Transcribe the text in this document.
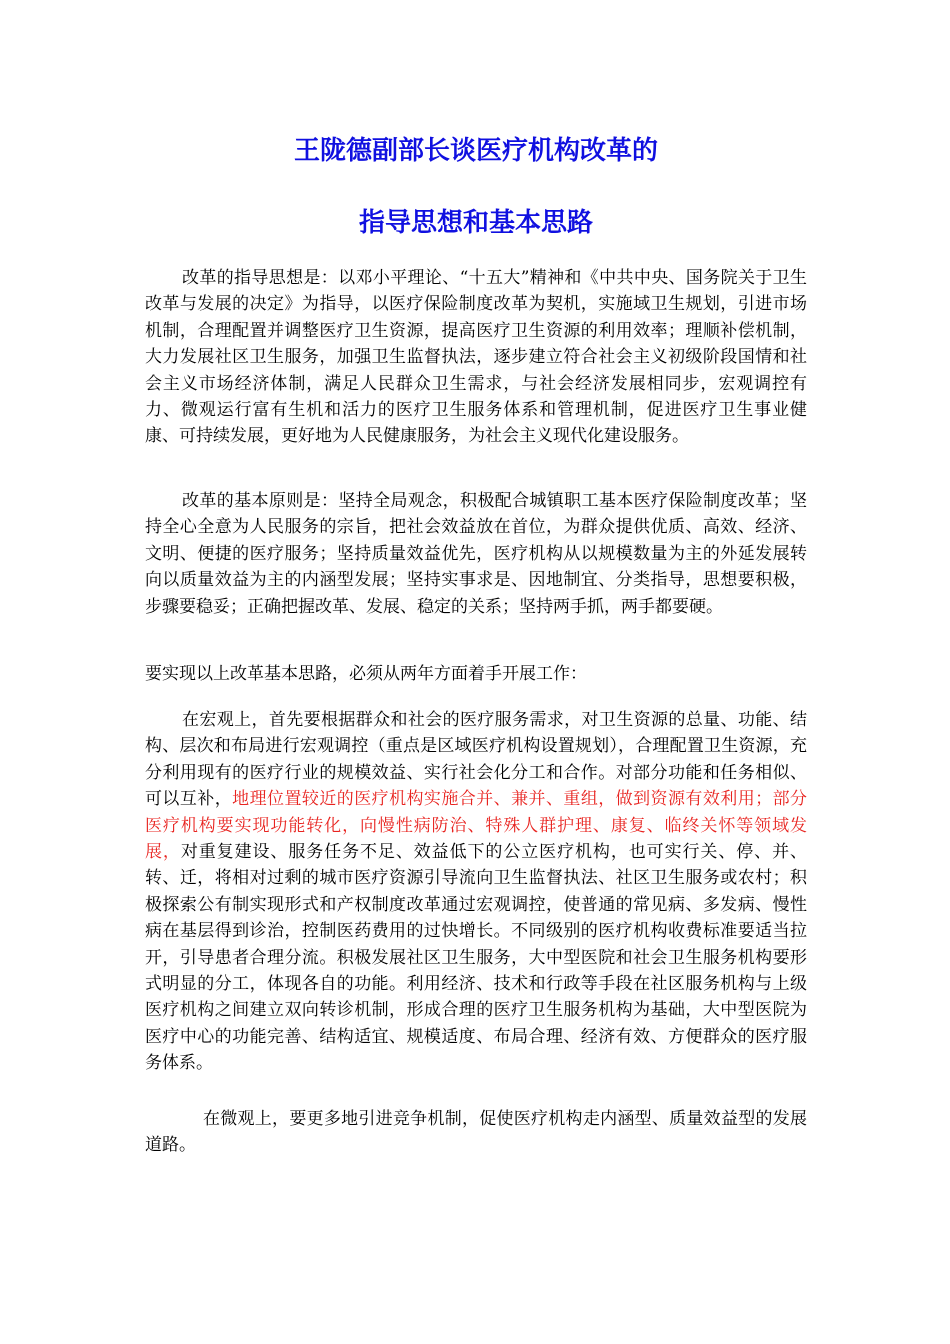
王陇德副部长谈医疗机构改革的
指导思想和基本思路

改革的指导思想是：以邓小平理论、“十五大”精神和《中共中央、国务院关于卫生改革与发展的决定》为指导，以医疗保险制度改革为契机，实施域卫生规划，引进市场机制，合理配置并调整医疗卫生资源，提高医疗卫生资源的利用效率；理顺补偿机制，大力发展社区卫生服务，加强卫生监督执法，逐步建立符合社会主义初级阶段国情和社会主义市场经济体制，满足人民群众卫生需求，与社会经济发展相同步，宏观调控有力、微观运行富有生机和活力的医疗卫生服务体系和管理机制，促进医疗卫生事业健康、可持续发展，更好地为人民健康服务，为社会主义现代化建设服务。

改革的基本原则是：坚持全局观念，积极配合城镇职工基本医疗保险制度改革；坚持全心全意为人民服务的宗旨，把社会效益放在首位，为群众提供优质、高效、经济、文明、便捷的医疗服务；坚持质量效益优先，医疗机构从以规模数量为主的外延发展转向以质量效益为主的内涵型发展；坚持实事求是、因地制宜、分类指导，思想要积极，步骤要稳妥；正确把握改革、发展、稳定的关系；坚持两手抓，两手都要硬。

要实现以上改革基本思路，必须从两年方面着手开展工作：

在宏观上，首先要根据群众和社会的医疗服务需求，对卫生资源的总量、功能、结构、层次和布局进行宏观调控（重点是区域医疗机构设置规划），合理配置卫生资源，充分利用现有的医疗行业的规模效益、实行社会化分工和合作。对部分功能和任务相似、可以互补，地理位置较近的医疗机构实施合并、兼并、重组，做到资源有效利用；部分医疗机构要实现功能转化，向慢性病防治、特殊人群护理、康复、临终关怀等领域发展，对重复建设、服务任务不足、效益低下的公立医疗机构，也可实行关、停、并、转、迁，将相对过剩的城市医疗资源引导流向卫生监督执法、社区卫生服务或农村；积极探索公有制实现形式和产权制度改革通过宏观调控，使普通的常见病、多发病、慢性病在基层得到诊治，控制医药费用的过快增长。不同级别的医疗机构收费标准要适当拉开，引导患者合理分流。积极发展社区卫生服务，大中型医院和社会卫生服务机构要形式明显的分工，体现各自的功能。利用经济、技术和行政等手段在社区服务机构与上级医疗机构之间建立双向转诊机制，形成合理的医疗卫生服务机构为基础，大中型医院为医疗中心的功能完善、结构适宜、规模适度、布局合理、经济有效、方便群众的医疗服务体系。

在微观上，要更多地引进竞争机制，促使医疗机构走内涵型、质量效益型的发展道路。
